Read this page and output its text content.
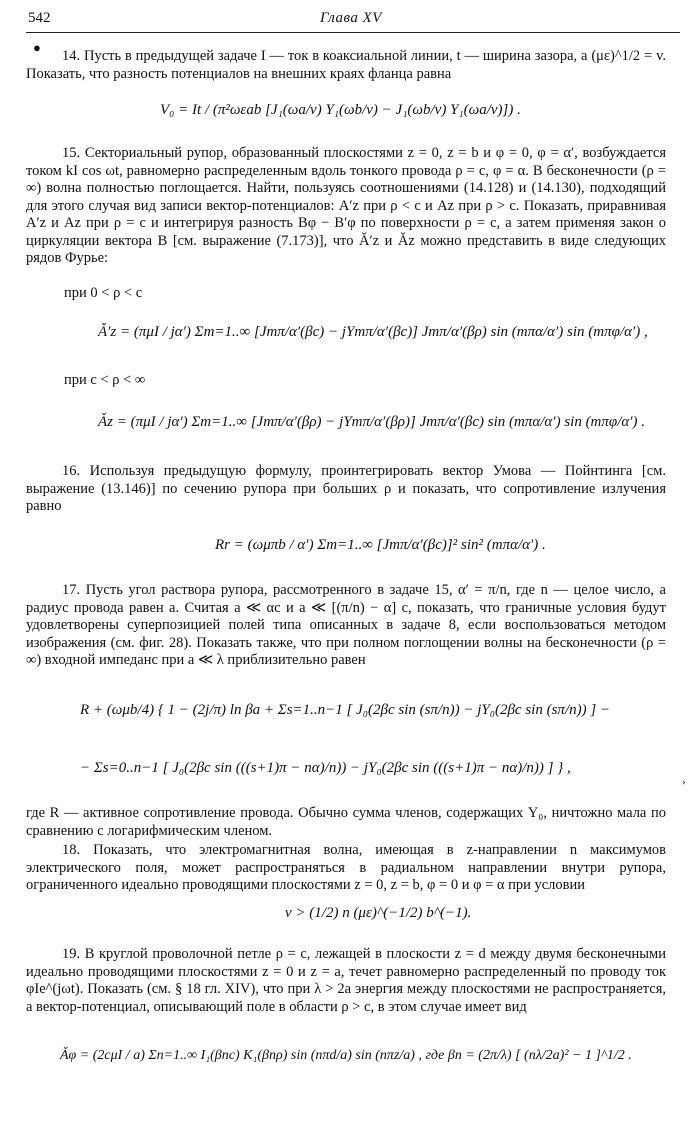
542	Глава XV
●
14. Пусть в предыдущей задаче I — ток в коаксиальной линии, t — ширина зазора, а (με)^1/2 = v. Показать, что разность потенциалов на внешних краях фланца равна
V₀ = It / (π²ωεab [J₁(ωa/v) Y₁(ωb/v) − J₁(ωb/v) Y₁(ωa/v)]) .
15. Секториальный рупор, образованный плоскостями z = 0, z = b и φ = 0, φ = α′, возбуждается током kI cos ωt, равномерно распределенным вдоль тонкого провода ρ = c, φ = α. В бесконечности (ρ = ∞) волна полностью поглощается. Найти, пользуясь соотношениями (14.128) и (14.130), подходящий для этого случая вид записи вектор-потенциалов: A′z при ρ < c и Az при ρ > c. Показать, приравнивая A′z и Az при ρ = c и интегрируя разность Bφ − B′φ по поверхности ρ = c, а затем применяя закон о циркуляции вектора B [см. выражение (7.173)], что Ǎ′z и Ǎz можно представить в виде следующих рядов Фурье:
при 0 < ρ < c
Ǎ′z = (πμI / jα′) Σm=1..∞ [Jmπ/α′(βc) − jYmπ/α′(βc)] Jmπ/α′(βρ) sin (mπα/α′) sin (mπφ/α′) ,
при c < ρ < ∞
Ǎz = (πμI / jα′) Σm=1..∞ [Jmπ/α′(βρ) − jYmπ/α′(βρ)] Jmπ/α′(βc) sin (mπα/α′) sin (mπφ/α′) .
16. Используя предыдущую формулу, проинтегрировать вектор Умова — Пойнтинга [см. выражение (13.146)] по сечению рупора при больших ρ и показать, что сопротивление излучения равно
Rr = (ωμπb / α′) Σm=1..∞ [Jmπ/α′(βc)]² sin² (mπα/α′) .
17. Пусть угол раствора рупора, рассмотренного в задаче 15, α′ = π/n, где n — целое число, а радиус провода равен a. Считая a ≪ αc и a ≪ [(π/n) − α] c, показать, что граничные условия будут удовлетворены суперпозицией полей типа описанных в задаче 8, если воспользоваться методом изображения (см. фиг. 28). Показать также, что при полном поглощении волны на бесконечности (ρ = ∞) входной импеданс при a ≪ λ приблизительно равен
R + (ωμb/4) { 1 − (2j/π) ln βa + Σs=1..n−1 [ J₀(2βc sin (sπ/n)) − jY₀(2βc sin (sπ/n)) ] −
− Σs=0..n−1 [ J₀(2βc sin (((s+1)π − nα)/n)) − jY₀(2βc sin (((s+1)π − nα)/n)) ] } ,
›
где R — активное сопротивление провода. Обычно сумма членов, содержащих Y₀, ничтожно мала по сравнению с логарифмическим членом.
18. Показать, что электромагнитная волна, имеющая в z-направлении n максимумов электрического поля, может распространяться в радиальном направлении внутри рупора, ограниченного идеально проводящими плоскостями z = 0, z = b, φ = 0 и φ = α при условии
ν > (1/2) n (με)^(−1/2) b^(−1).
19. В круглой проволочной петле ρ = c, лежащей в плоскости z = d между двумя бесконечными идеально проводящими плоскостями z = 0 и z = a, течет равномерно распределенный по проводу ток φIe^(jωt). Показать (см. § 18 гл. XIV), что при λ > 2a энергия между плоскостями не распространяется, а вектор-потенциал, описывающий поле в области ρ > c, в этом случае имеет вид
Ǎφ = (2cμI / a) Σn=1..∞ I₁(βnc) K₁(βnρ) sin (nπd/a) sin (nπz/a) , где βn = (2π/λ) [ (nλ/2a)² − 1 ]^1/2 .
